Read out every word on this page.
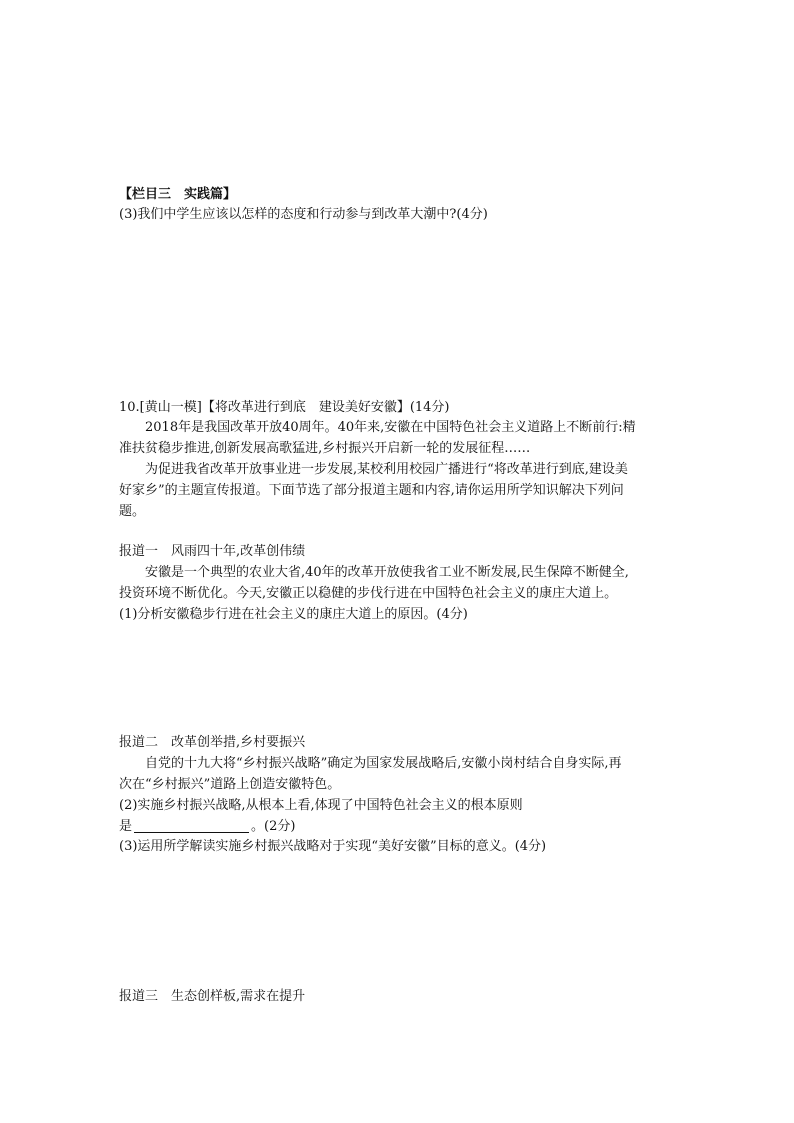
【栏目三　实践篇】
(3)我们中学生应该以怎样的态度和行动参与到改革大潮中?(4分)
10.[黄山一模]【将改革进行到底　建设美好安徽】(14分)
2018年是我国改革开放40周年。40年来,安徽在中国特色社会主义道路上不断前行:精
准扶贫稳步推进,创新发展高歌猛进,乡村振兴开启新一轮的发展征程……
为促进我省改革开放事业进一步发展,某校利用校园广播进行“将改革进行到底,建设美
好家乡”的主题宣传报道。下面节选了部分报道主题和内容,请你运用所学知识解决下列问
题。
报道一　风雨四十年,改革创伟绩
安徽是一个典型的农业大省,40年的改革开放使我省工业不断发展,民生保障不断健全,
投资环境不断优化。今天,安徽正以稳健的步伐行进在中国特色社会主义的康庄大道上。
(1)分析安徽稳步行进在社会主义的康庄大道上的原因。(4分)
报道二　改革创举措,乡村要振兴
自党的十九大将“乡村振兴战略”确定为国家发展战略后,安徽小岗村结合自身实际,再
次在“乡村振兴”道路上创造安徽特色。
(2)实施乡村振兴战略,从根本上看,体现了中国特色社会主义的根本原则
是	。(2分)
(3)运用所学解读实施乡村振兴战略对于实现“美好安徽”目标的意义。(4分)
报道三　生态创样板,需求在提升
